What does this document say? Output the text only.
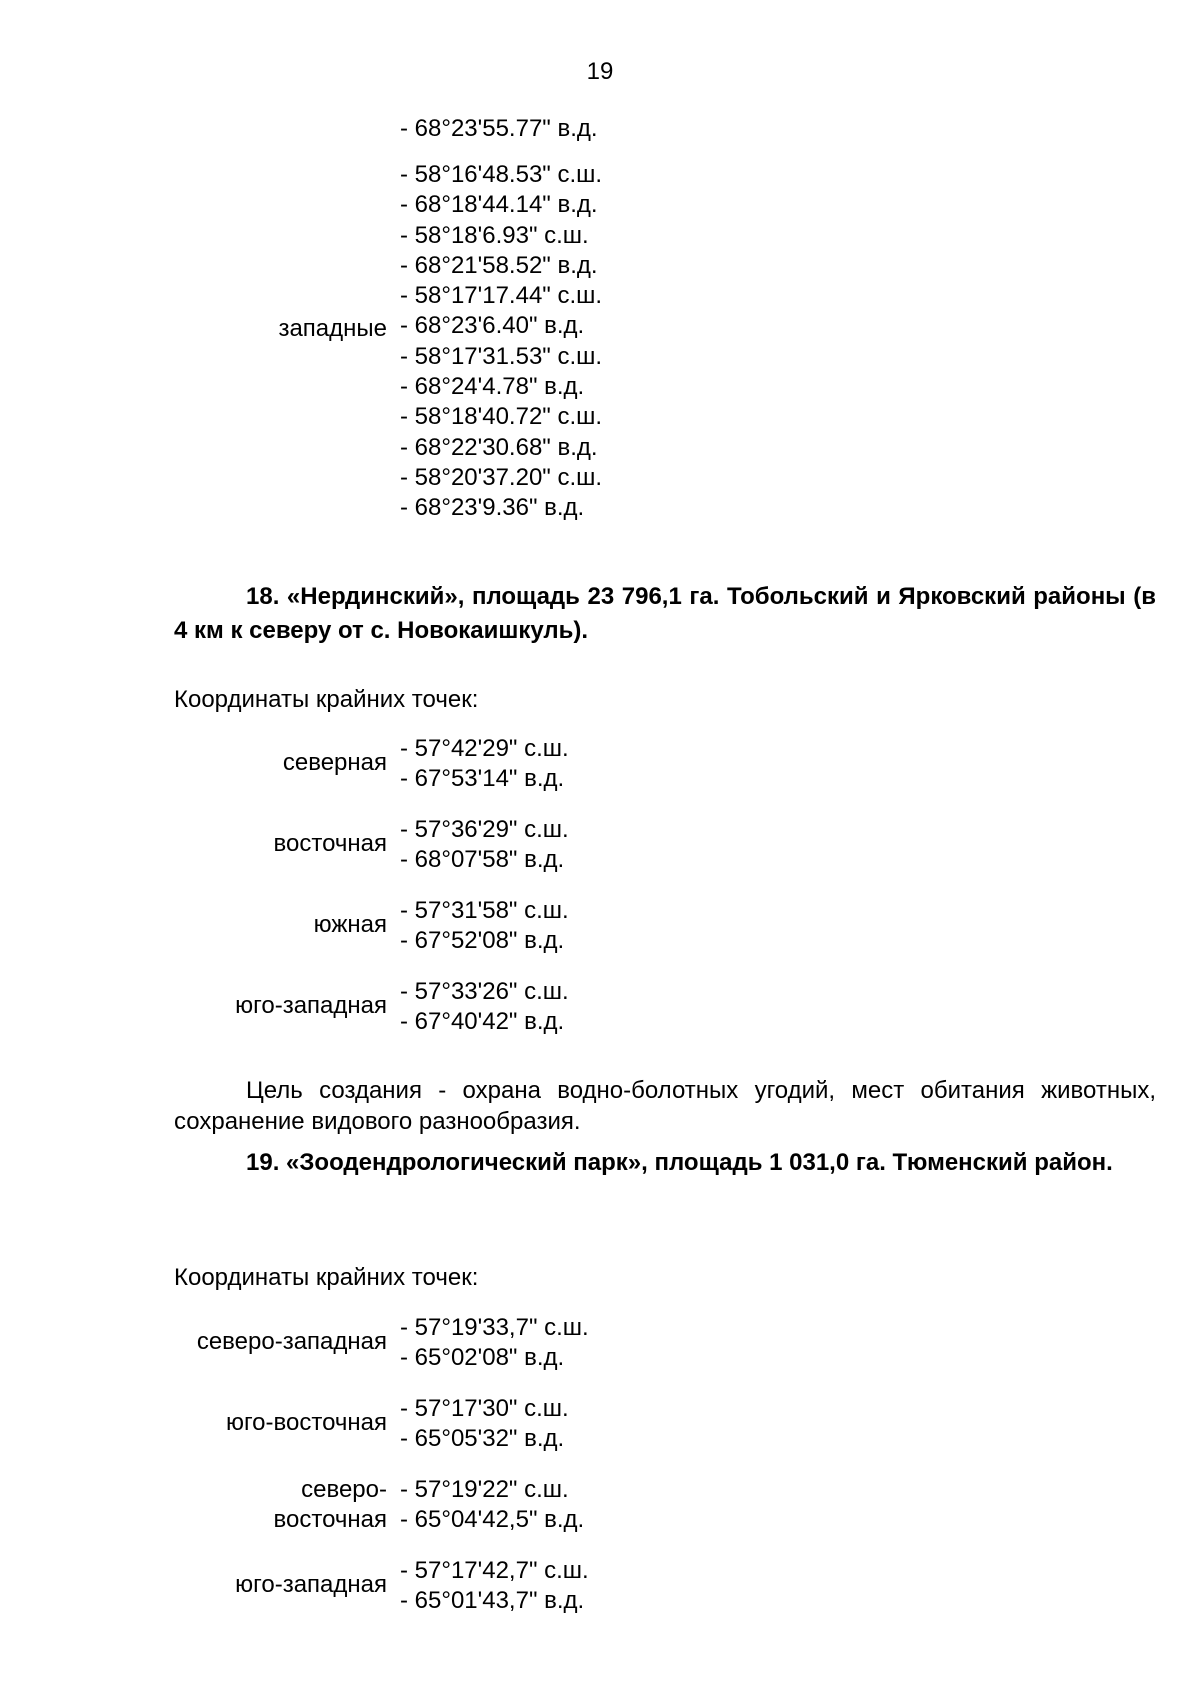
19
- 68°23'55.77" в.д.
западные
- 58°16'48.53" с.ш.
- 68°18'44.14" в.д.
- 58°18'6.93" с.ш.
- 68°21'58.52" в.д.
- 58°17'17.44" с.ш.
- 68°23'6.40" в.д.
- 58°17'31.53" с.ш.
- 68°24'4.78" в.д.
- 58°18'40.72" с.ш.
- 68°22'30.68" в.д.
- 58°20'37.20" с.ш.
- 68°23'9.36" в.д.
18. «Нердинский», площадь 23 796,1 га. Тобольский и Ярковский районы (в 4 км к северу от с. Новокаишкуль).
Координаты крайних точек:
северная
- 57°42'29" с.ш.
- 67°53'14" в.д.
восточная
- 57°36'29" с.ш.
- 68°07'58" в.д.
южная
- 57°31'58" с.ш.
- 67°52'08" в.д.
юго-западная
- 57°33'26" с.ш.
- 67°40'42" в.д.
Цель создания - охрана водно-болотных угодий, мест обитания животных, сохранение видового разнообразия.
19. «Зоодендрологический парк», площадь 1 031,0 га. Тюменский район.
Координаты крайних точек:
северо-западная
- 57°19'33,7" с.ш.
- 65°02'08" в.д.
юго-восточная
- 57°17'30" с.ш.
- 65°05'32" в.д.
северо-
восточная
- 57°19'22" с.ш.
- 65°04'42,5" в.д.
юго-западная
- 57°17'42,7" с.ш.
- 65°01'43,7" в.д.
